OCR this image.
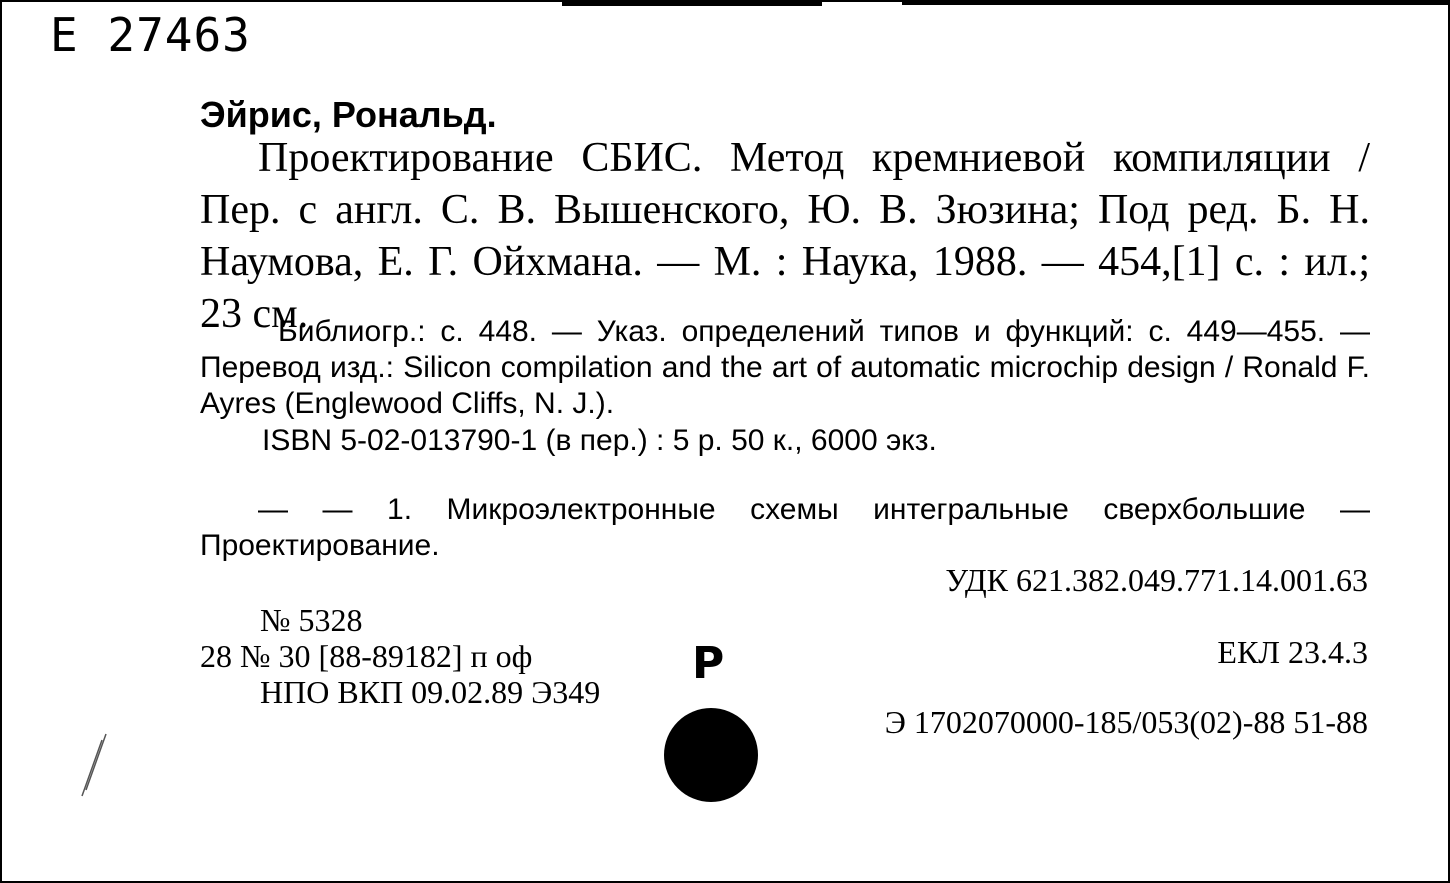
Е 27463
Эйрис, Рональд.
Проектирование СБИС. Метод кремниевой компиляции / Пер. с англ. С. В. Вышенского, Ю. В. Зюзина; Под ред. Б. Н. Наумова, Е. Г. Ойхмана. — М. : Наука, 1988. — 454,[1] с. : ил.; 23 см.
Библиогр.: с. 448. — Указ. определений типов и функций: с. 449—455. — Перевод изд.: Silicon compilation and the art of automatic microchip design / Ronald F. Ayres (Englewood Cliffs, N. J.).
ISBN 5-02-013790-1 (в пер.) : 5 р. 50 к., 6000 экз.
— — 1. Микроэлектронные схемы интегральные сверхбольшие — Проектирование.
УДК 621.382.049.771.14.001.63
№ 5328
28 № 30 [88-89182] п оф
НПО ВКП 09.02.89 Э349
P	ЕКЛ 23.4.3
Э 1702070000-185/053(02)-88 51-88
